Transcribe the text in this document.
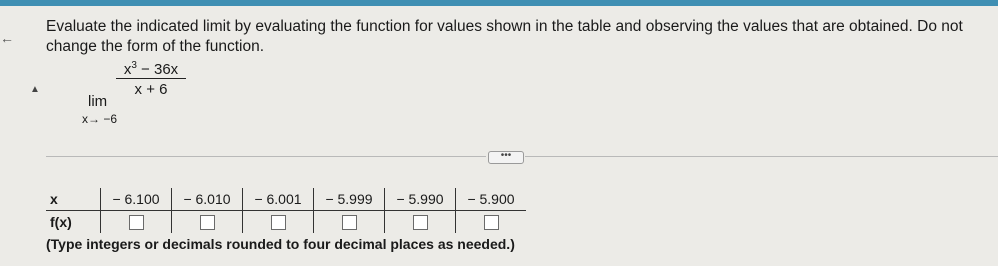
←
▲
Evaluate the indicated limit by evaluating the function for values shown in the table and observing the values that are obtained. Do not change the form of the function.
lim
x→ −6
$\frac{x^3 - 36x}{x + 6}$
•••
x	− 6.100	− 6.010	− 6.001	− 5.999	− 5.990	− 5.900
f(x)						
(Type integers or decimals rounded to four decimal places as needed.)
